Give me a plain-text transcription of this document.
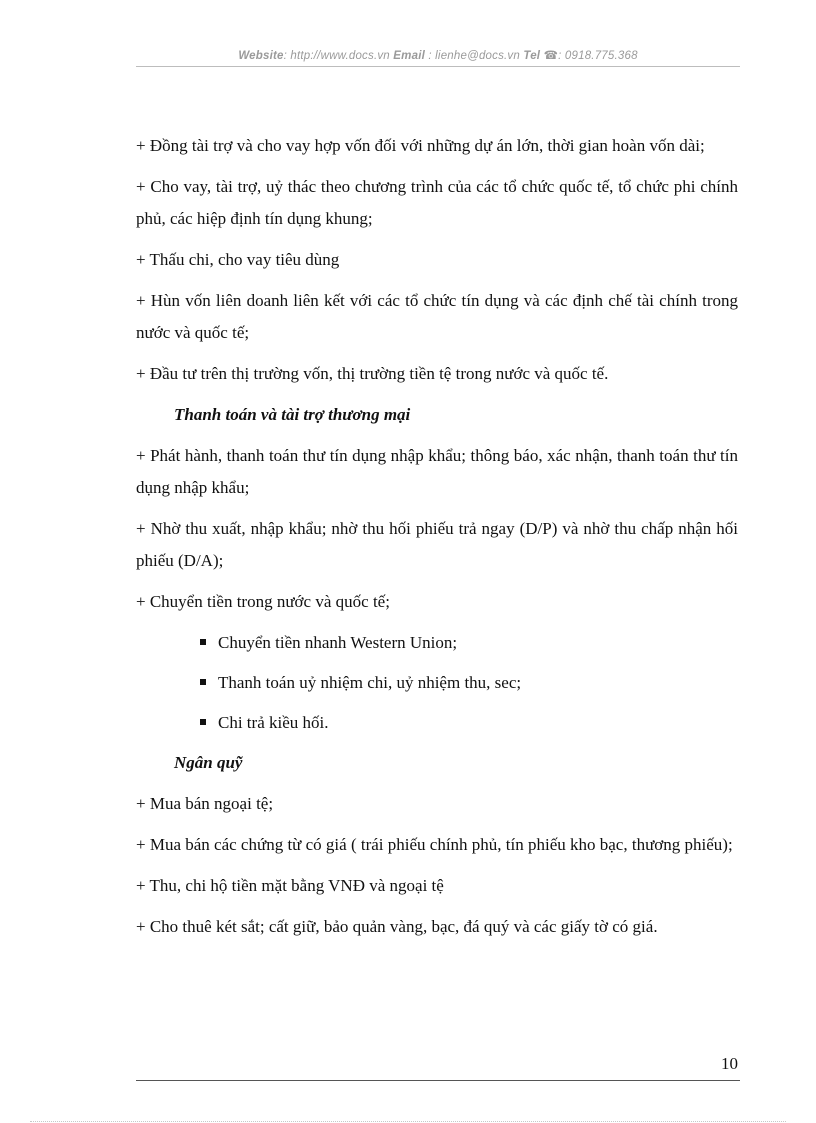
Website: http://www.docs.vn Email : lienhe@docs.vn Tel ☎: 0918.775.368

+ Đồng tài trợ và cho vay hợp vốn đối với những dự án lớn, thời gian hoàn vốn dài;

+ Cho vay, tài trợ, uỷ thác theo chương trình của các tổ chức quốc tế, tổ chức phi chính phủ, các hiệp định tín dụng khung;

+ Thấu chi, cho vay tiêu dùng

+ Hùn vốn liên doanh liên kết với các tổ chức tín dụng và các định chế tài chính trong nước và quốc tế;

+ Đầu tư trên thị trường vốn, thị trường tiền tệ trong nước và quốc tế.

Thanh toán và tài trợ thương mại

+ Phát hành, thanh toán thư tín dụng nhập khẩu; thông báo, xác nhận, thanh toán thư tín dụng nhập khẩu;

+ Nhờ thu xuất, nhập khẩu; nhờ thu hối phiếu trả ngay (D/P) và nhờ thu chấp nhận hối phiếu (D/A);

+ Chuyển tiền trong nước và quốc tế;

Chuyển tiền nhanh Western Union;
Thanh toán uỷ nhiệm chi, uỷ nhiệm thu, sec;
Chi trả kiều hối.

Ngân quỹ

+ Mua bán ngoại tệ;

+ Mua bán các chứng từ có giá ( trái phiếu chính phủ, tín phiếu kho bạc, thương phiếu);

+ Thu, chi hộ tiền mặt bằng VNĐ và ngoại tệ

+ Cho thuê két sắt; cất giữ, bảo quản vàng, bạc, đá quý và các giấy tờ có giá.

10
